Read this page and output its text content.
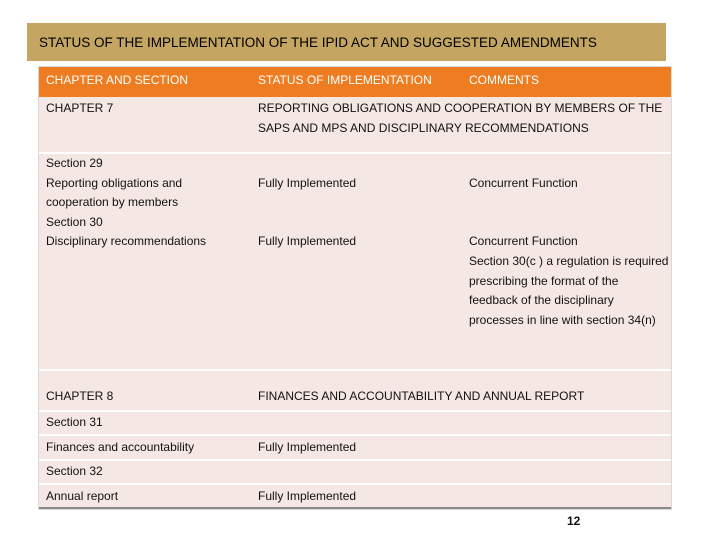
STATUS OF THE IMPLEMENTATION OF THE IPID ACT AND SUGGESTED AMENDMENTS
CHAPTER AND SECTION	STATUS OF IMPLEMENTATION	COMMENTS
CHAPTER 7	REPORTING OBLIGATIONS AND COOPERATION BY MEMBERS OF THE SAPS AND MPS AND DISCIPLINARY RECOMMENDATIONS
Section 29
Reporting obligations and
cooperation by members
Fully Implemented	Concurrent Function
Section 30
Disciplinary recommendations	Fully Implemented	Concurrent Function
Section 30(c ) a regulation is required prescribing the format of the feedback of the disciplinary processes in line with section 34(n)
CHAPTER 8	FINANCES AND ACCOUNTABILITY AND ANNUAL REPORT
Section 31
Finances and accountability	Fully Implemented
Section 32
Annual report	Fully Implemented
12
